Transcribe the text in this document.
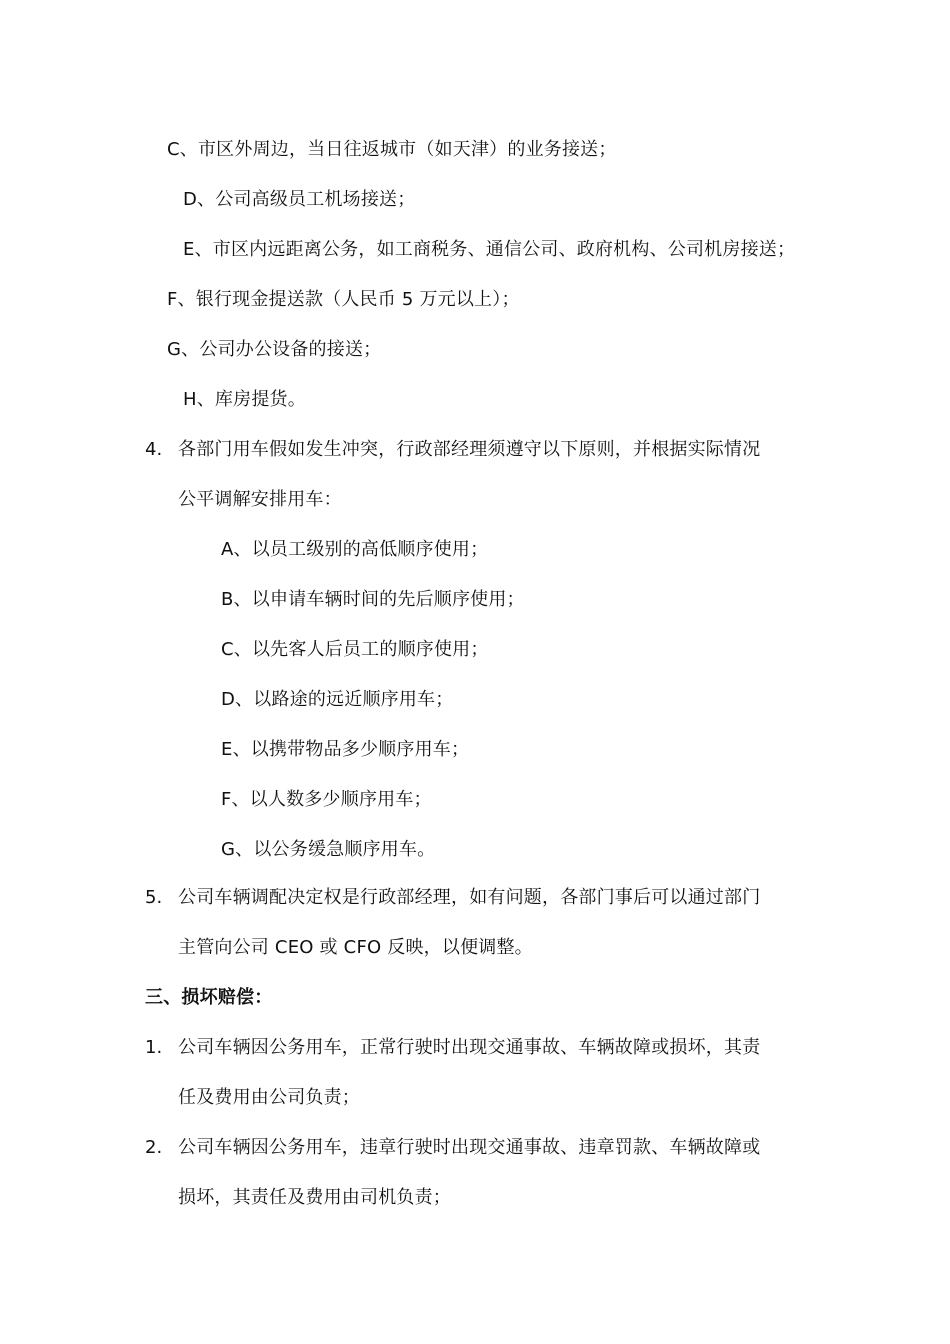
C、市区外周边，当日往返城市（如天津）的业务接送；
D、公司高级员工机场接送；
E、市区内远距离公务，如工商税务、通信公司、政府机构、公司机房接送；
F、银行现金提送款（人民币 5 万元以上）；
G、公司办公设备的接送；
H、库房提货。
4. 各部门用车假如发生冲突，行政部经理须遵守以下原则，并根据实际情况
公平调解安排用车：
A、以员工级别的高低顺序使用；
B、以申请车辆时间的先后顺序使用；
C、以先客人后员工的顺序使用；
D、以路途的远近顺序用车；
E、以携带物品多少顺序用车；
F、以人数多少顺序用车；
G、以公务缓急顺序用车。
5. 公司车辆调配决定权是行政部经理，如有问题，各部门事后可以通过部门
主管向公司 CEO 或 CFO 反映，以便调整。
三、损坏赔偿：
1. 公司车辆因公务用车，正常行驶时出现交通事故、车辆故障或损坏，其责
任及费用由公司负责；
2. 公司车辆因公务用车，违章行驶时出现交通事故、违章罚款、车辆故障或
损坏，其责任及费用由司机负责；
